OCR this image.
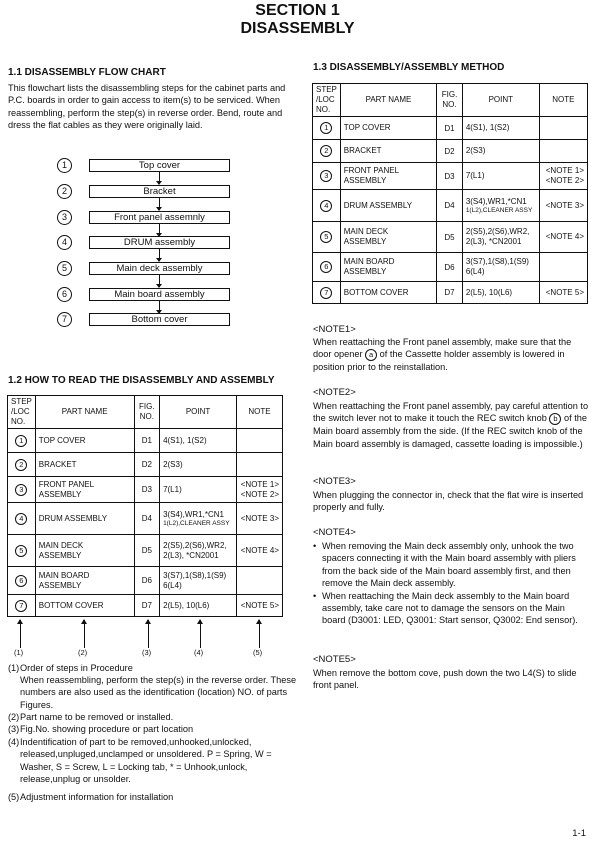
SECTION 1
DISASSEMBLY
1.1 DISASSEMBLY FLOW CHART
This flowchart lists the disassembling steps for the cabinet parts and P.C. boards in order to gain access to item(s) to be serviced. When reassembling, perform the step(s) in reverse order. Bend, route and dress the flat cables as they were originally laid.
1	Top cover
2	Bracket
3	Front panel assemnly
4	DRUM assembly
5	Main deck assembly
6	Main board assembly
7	Bottom cover
1.2 HOW TO READ THE DISASSEMBLY AND ASSEMBLY
STEP /LOC NO.	PART NAME	FIG. NO.	POINT	NOTE
1	TOP COVER	D1	4(S1), 1(S2)	
2	BRACKET	D2	2(S3)	
3	FRONT PANEL ASSEMBLY	D3	7(L1)	<NOTE 1> <NOTE 2>
4	DRUM ASSEMBLY	D4	3(S4),WR1,*CN1
1(L2),CLEANER ASSY	<NOTE 3>
5	MAIN DECK ASSEMBLY	D5	2(S5),2(S6),WR2, 2(L3), *CN2001	<NOTE 4>
6	MAIN BOARD ASSEMBLY	D6	3(S7),1(S8),1(S9) 6(L4)	

7	BOTTOM COVER	D7	2(L5), 10(L6)	<NOTE 5>
(1)	(2)	(3)	(4)	(5)
(1) Order of steps in Procedure
When reassembling, perform the step(s) in the reverse order. These numbers are also used as the identification (location) NO. of parts Figures.
(2) Part name to be removed or installed.
(3) Fig.No. showing procedure or part location
(4) Indentification of part to be removed,unhooked,unlocked, released,unpluged,unclamped or unsoldered. P = Spring, W = Washer, S = Screw, L = Locking tab, * = Unhook,unlock, release,unplug or unsolder.
(5) Adjustment information for installation
1.3 DISASSEMBLY/ASSEMBLY METHOD
STEP /LOC NO.	PART NAME	FIG. NO.	POINT	NOTE
1	TOP COVER	D1	4(S1), 1(S2)	
2	BRACKET	D2	2(S3)	
3	FRONT PANEL ASSEMBLY	D3	7(L1)	<NOTE 1> <NOTE 2>
4	DRUM ASSEMBLY	D4	3(S4),WR1,*CN1
1(L2),CLEANER ASSY	<NOTE 3>
5	MAIN DECK ASSEMBLY	D5	2(S5),2(S6),WR2, 2(L3), *CN2001	<NOTE 4>
6	MAIN BOARD ASSEMBLY	D6	3(S7),1(S8),1(S9) 6(L4)	

7	BOTTOM COVER	D7	2(L5), 10(L6)	<NOTE 5>
<NOTE1>
When reattaching the Front panel assembly, make sure that the door opener a of the Cassette holder assembly is lowered in position prior to the reinstallation.
<NOTE2>
When reattaching the Front panel assembly, pay careful attention to the switch lever not to make it touch the REC switch knob b of the Main board assembly from the side. (If the REC switch knob of the Main board assembly is damaged, cassette loading is impossible.)
<NOTE3>
When plugging the connector in, check that the flat wire is inserted properly and fully.
<NOTE4>
• When removing the Main deck assembly only, unhook the two spacers connecting it with the Main board assembly with pliers from the back side of the Main board assembly first, and then remove the Main deck assembly.
• When reattaching the Main deck assembly to the Main board assembly, take care not to damage the sensors on the Main board (D3001: LED, Q3001: Start sensor, Q3002: End sensor).
<NOTE5>
When remove the bottom cove, push down the two L4(S) to slide front panel.
1-1
